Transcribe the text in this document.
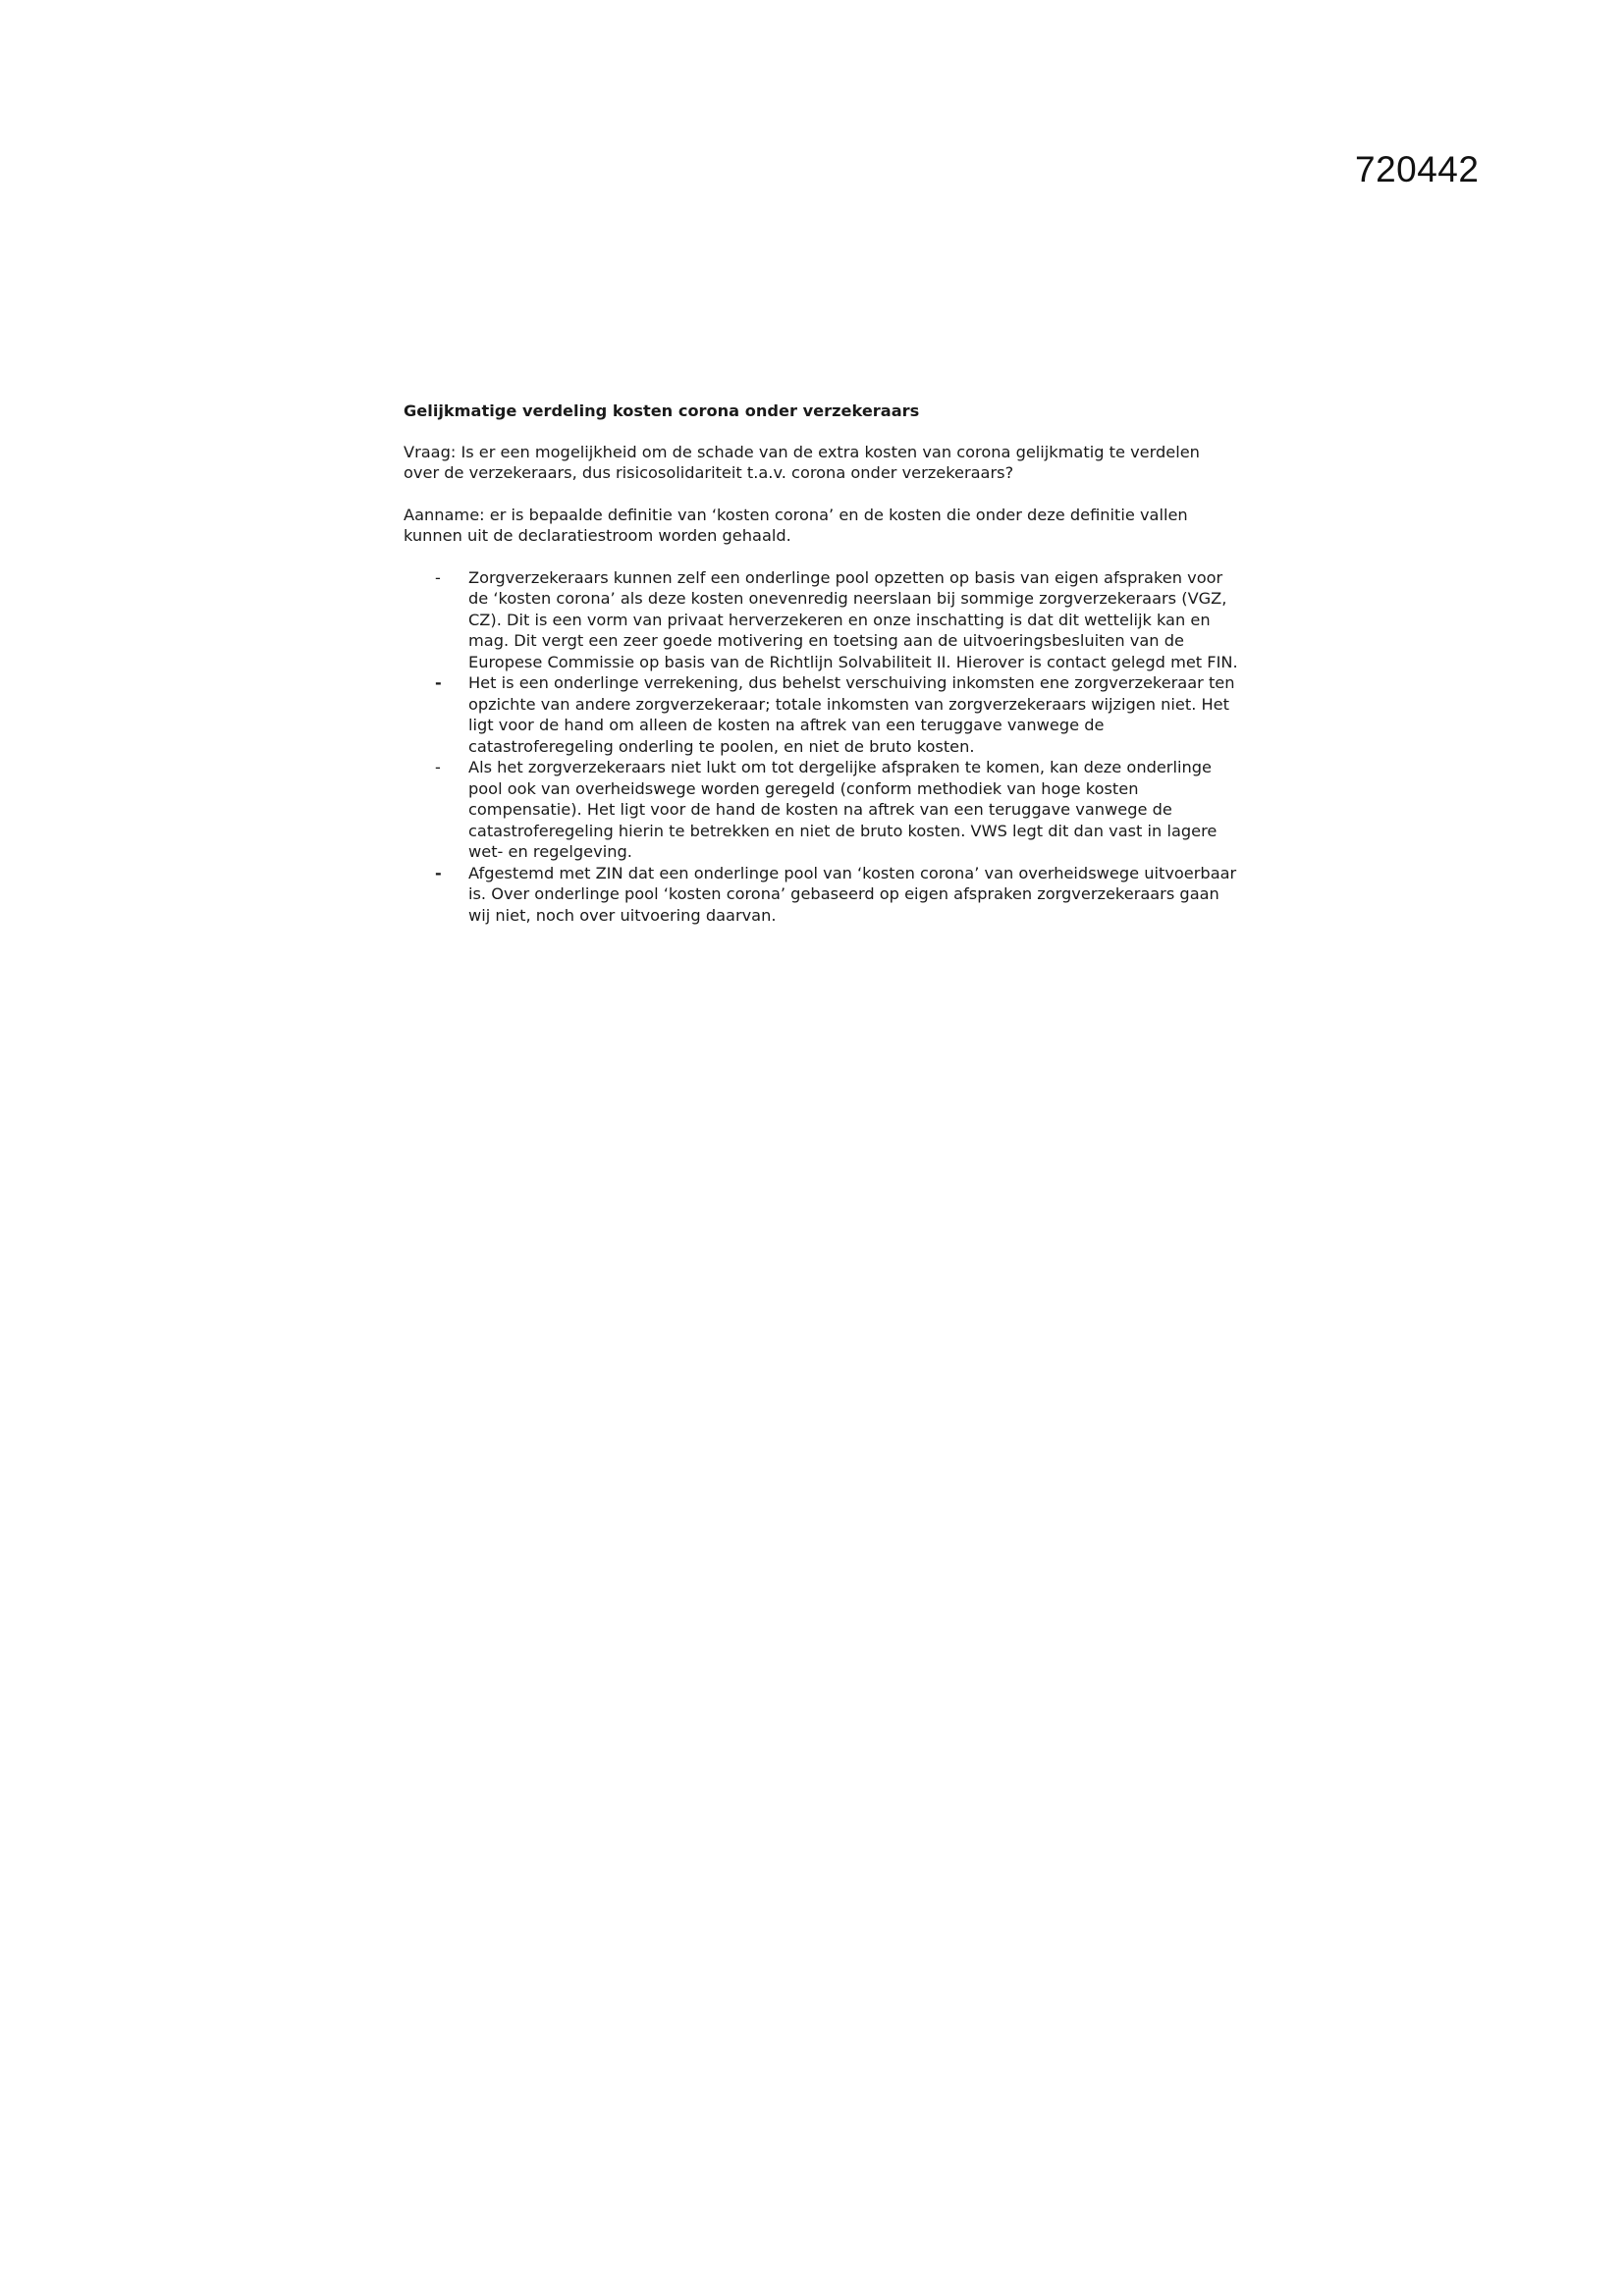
720442

Gelijkmatige verdeling kosten corona onder verzekeraars

Vraag: Is er een mogelijkheid om de schade van de extra kosten van corona gelijkmatig te verdelen over de verzekeraars, dus risicosolidariteit t.a.v. corona onder verzekeraars?

Aanname: er is bepaalde definitie van ‘kosten corona’ en de kosten die onder deze definitie vallen kunnen uit de declaratiestroom worden gehaald.

- Zorgverzekeraars kunnen zelf een onderlinge pool opzetten op basis van eigen afspraken voor de ‘kosten corona’ als deze kosten onevenredig neerslaan bij sommige zorgverzekeraars (VGZ, CZ). Dit is een vorm van privaat herverzekeren en onze inschatting is dat dit wettelijk kan en mag. Dit vergt een zeer goede motivering en toetsing aan de uitvoeringsbesluiten van de Europese Commissie op basis van de Richtlijn Solvabiliteit II. Hierover is contact gelegd met FIN.
- Het is een onderlinge verrekening, dus behelst verschuiving inkomsten ene zorgverzekeraar ten opzichte van andere zorgverzekeraar; totale inkomsten van zorgverzekeraars wijzigen niet. Het ligt voor de hand om alleen de kosten na aftrek van een teruggave vanwege de catastroferegeling onderling te poolen, en niet de bruto kosten.
- Als het zorgverzekeraars niet lukt om tot dergelijke afspraken te komen, kan deze onderlinge pool ook van overheidswege worden geregeld (conform methodiek van hoge kosten compensatie). Het ligt voor de hand de kosten na aftrek van een teruggave vanwege de catastroferegeling hierin te betrekken en niet de bruto kosten. VWS legt dit dan vast in lagere wet- en regelgeving.
- Afgestemd met ZIN dat een onderlinge pool van ‘kosten corona’ van overheidswege uitvoerbaar is. Over onderlinge pool ‘kosten corona’ gebaseerd op eigen afspraken zorgverzekeraars gaan wij niet, noch over uitvoering daarvan.
